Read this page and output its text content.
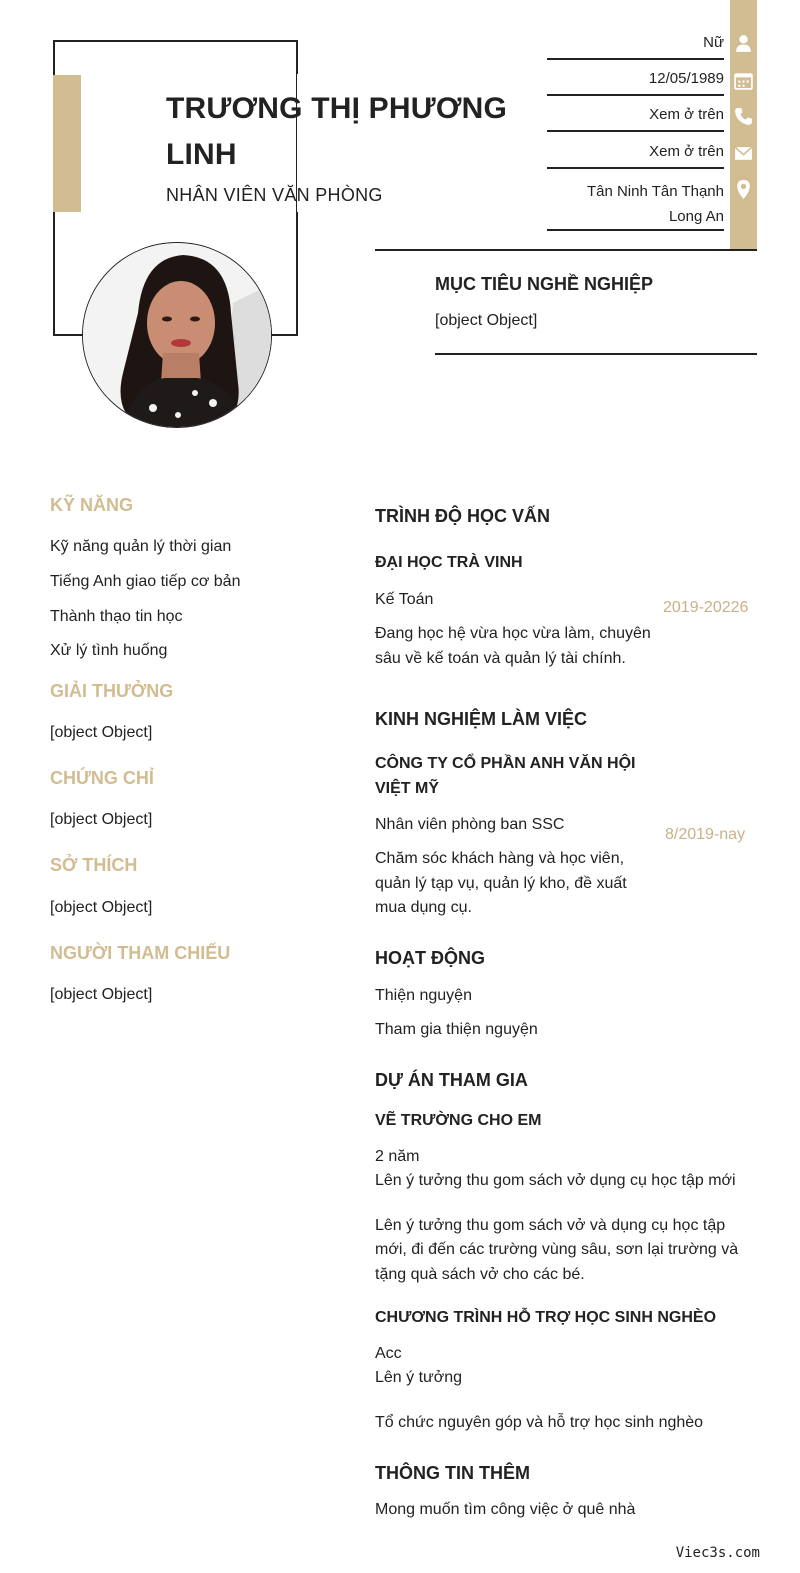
TRƯƠNG THỊ PHƯƠNG LINH
NHÂN VIÊN VĂN PHÒNG
Nữ
12/05/1989
Xem ở trên
Xem ở trên
Tân Ninh Tân Thạnh
Long An
MỤC TIÊU NGHỀ NGHIỆP
[object Object]
KỸ NĂNG
Kỹ năng quản lý thời gian
Tiếng Anh giao tiếp cơ bản
Thành thạo tin học
Xử lý tình huống
GIẢI THƯỞNG
[object Object]
CHỨNG CHỈ
[object Object]
SỞ THÍCH
[object Object]
NGƯỜI THAM CHIẾU
[object Object]
TRÌNH ĐỘ HỌC VẤN
ĐẠI HỌC TRÀ VINH
Kế Toán	2019-20226
Đang học hệ vừa học vừa làm, chuyên
sâu về kế toán và quản lý tài chính.
KINH NGHIỆM LÀM VIỆC
CÔNG TY CỔ PHẦN ANH VĂN HỘI
VIỆT MỸ
Nhân viên phòng ban SSC
8/2019-nay
Chăm sóc khách hàng và học viên,
quản lý tạp vụ, quản lý kho, đề xuất
mua dụng cụ.
HOẠT ĐỘNG
Thiện nguyện
Tham gia thiện nguyện
DỰ ÁN THAM GIA
VẼ TRƯỜNG CHO EM
2 năm
Lên ý tưởng thu gom sách vở dụng cụ học tập mới
Lên ý tưởng thu gom sách vở và dụng cụ học tập
mới, đi đến các trường vùng sâu, sơn lại trường và
tặng quà sách vở cho các bé.
CHƯƠNG TRÌNH HỖ TRỢ HỌC SINH NGHÈO
Acc
Lên ý tưởng
Tổ chức nguyên góp và hỗ trợ học sinh nghèo
THÔNG TIN THÊM
Mong muốn tìm công việc ở quê nhà
Viec3s.com
